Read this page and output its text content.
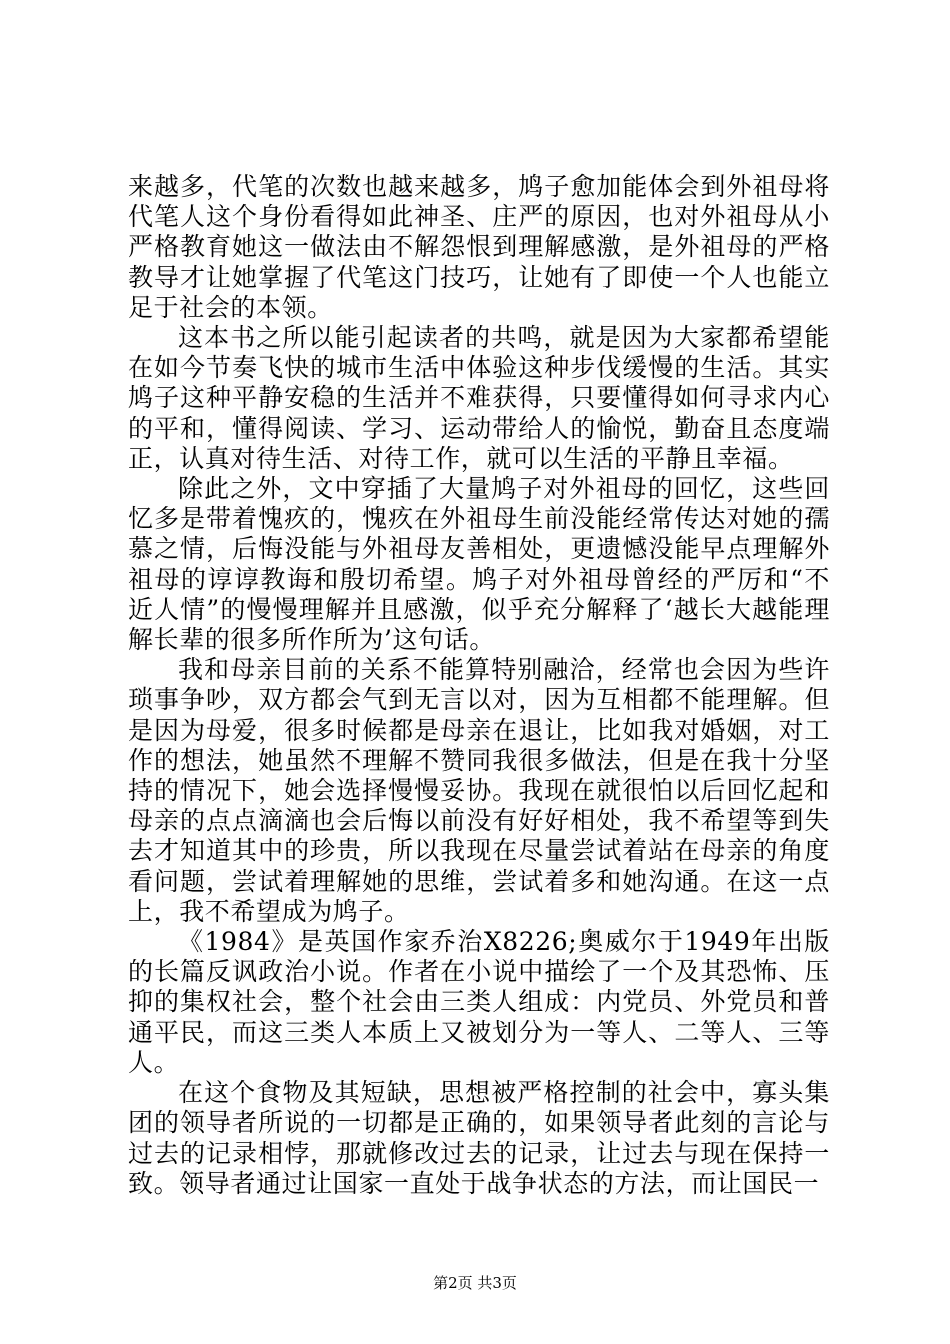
来越多，代笔的次数也越来越多，鸠子愈加能体会到外祖母将代笔人这个身份看得如此神圣、庄严的原因，也对外祖母从小严格教育她这一做法由不解怨恨到理解感激，是外祖母的严格教导才让她掌握了代笔这门技巧，让她有了即使一个人也能立足于社会的本领。

这本书之所以能引起读者的共鸣，就是因为大家都希望能在如今节奏飞快的城市生活中体验这种步伐缓慢的生活。其实鸠子这种平静安稳的生活并不难获得，只要懂得如何寻求内心的平和，懂得阅读、学习、运动带给人的愉悦，勤奋且态度端正，认真对待生活、对待工作，就可以生活的平静且幸福。

除此之外，文中穿插了大量鸠子对外祖母的回忆，这些回忆多是带着愧疚的，愧疚在外祖母生前没能经常传达对她的孺慕之情，后悔没能与外祖母友善相处，更遗憾没能早点理解外祖母的谆谆教诲和殷切希望。鸠子对外祖母曾经的严厉和“不近人情”的慢慢理解并且感激，似乎充分解释了‘越长大越能理解长辈的很多所作所为’这句话。

我和母亲目前的关系不能算特别融洽，经常也会因为些许琐事争吵，双方都会气到无言以对，因为互相都不能理解。但是因为母爱，很多时候都是母亲在退让，比如我对婚姻，对工作的想法，她虽然不理解不赞同我很多做法，但是在我十分坚持的情况下，她会选择慢慢妥协。我现在就很怕以后回忆起和母亲的点点滴滴也会后悔以前没有好好相处，我不希望等到失去才知道其中的珍贵，所以我现在尽量尝试着站在母亲的角度看问题，尝试着理解她的思维，尝试着多和她沟通。在这一点上，我不希望成为鸠子。

《1984》是英国作家乔治X8226;奥威尔于1949年出版的长篇反讽政治小说。作者在小说中描绘了一个及其恐怖、压抑的集权社会，整个社会由三类人组成：内党员、外党员和普通平民，而这三类人本质上又被划分为一等人、二等人、三等人。

在这个食物及其短缺，思想被严格控制的社会中，寡头集团的领导者所说的一切都是正确的，如果领导者此刻的言论与过去的记录相悖，那就修改过去的记录，让过去与现在保持一致。领导者通过让国家一直处于战争状态的方法，而让国民一

第2页 共3页
